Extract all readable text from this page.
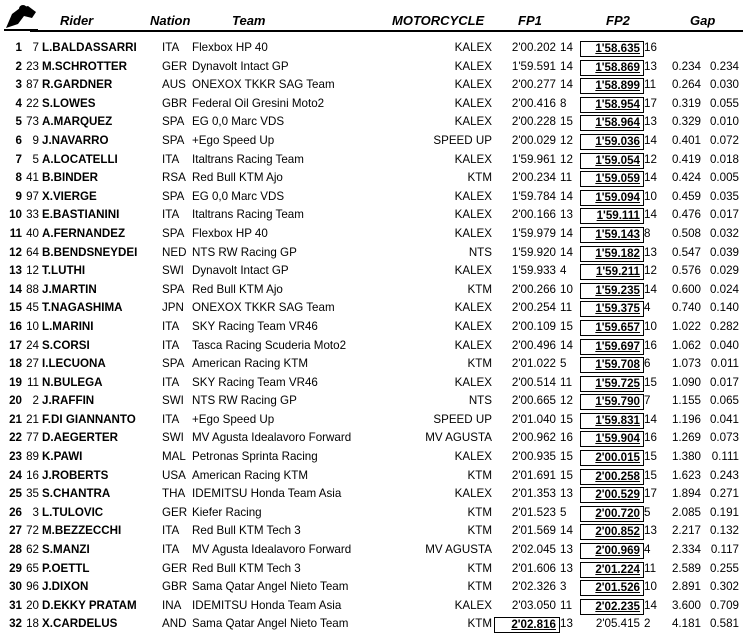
Rider	Nation	Team	MOTORCYCLE	FP1	FP2	Gap
1 7 L.BALDASSARRI ITA Flexbox HP 40	KALEX	2'00.202 14	1'58.635 16
2 23 M.SCHROTTER	GER Dynavolt Intact GP	KALEX	1'59.591 14	1'58.869 13	0.234 0.234
3 87 R.GARDNER	AUS ONEXOX TKKR SAG Team	KALEX	2'00.277 14	1'58.899 11	0.264 0.030
4 22 S.LOWES	GBR Federal Oil Gresini Moto2	KALEX	2'00.416 8	1'58.954 17	0.319 0.055
5 73 A.MARQUEZ	SPA EG 0,0 Marc VDS	KALEX	2'00.228 15	1'58.964 13	0.329 0.010
6 9 J.NAVARRO	SPA +Ego Speed Up	SPEED UP	2'00.029 12	1'59.036 14	0.401 0.072
7 5 A.LOCATELLI	ITA Italtrans Racing Team	KALEX	1'59.961 12	1'59.054 12	0.419 0.018
8 41 B.BINDER	RSA Red Bull KTM Ajo	KTM	2'00.234 11	1'59.059 14	0.424 0.005
9 97 X.VIERGE	SPA EG 0,0 Marc VDS	KALEX	1'59.784 14	1'59.094 10	0.459 0.035
10 33 E.BASTIANINI	ITA Italtrans Racing Team	KALEX	2'00.166 13	1'59.111 14	0.476 0.017
11 40 A.FERNANDEZ	SPA Flexbox HP 40	KALEX	1'59.979 14	1'59.143 8	0.508 0.032
12 64 B.BENDSNEYDEI NED NTS RW Racing GP	NTS	1'59.920 14	1'59.182 13	0.547 0.039
13 12 T.LUTHI	SWI Dynavolt Intact GP	KALEX	1'59.933 4	1'59.211 12	0.576 0.029
14 88 J.MARTIN	SPA Red Bull KTM Ajo	KTM	2'00.266 10	1'59.235 14	0.600 0.024
15 45 T.NAGASHIMA	JPN ONEXOX TKKR SAG Team	KALEX	2'00.254 11	1'59.375 4	0.740 0.140
16 10 L.MARINI	ITA SKY Racing Team VR46	KALEX	2'00.109 15	1'59.657 10	1.022 0.282
17 24 S.CORSI	ITA Tasca Racing Scuderia Moto2	KALEX	2'00.496 14	1'59.697 16	1.062 0.040
18 27 I.LECUONA	SPA American Racing KTM	KTM	2'01.022 5	1'59.708 6	1.073 0.011
19 11 N.BULEGA	ITA SKY Racing Team VR46	KALEX	2'00.514 11	1'59.725 15	1.090 0.017
20 2 J.RAFFIN	SWI NTS RW Racing GP	NTS	2'00.665 12	1'59.790 7	1.155 0.065
21 21 F.DI GIANNANTO ITA +Ego Speed Up	SPEED UP	2'01.040 15	1'59.831 14	1.196 0.041
22 77 D.AEGERTER	SWI MV Agusta Idealavoro Forward	MV AGUSTA	2'00.962 16	1'59.904 16	1.269 0.073
23 89 K.PAWI	MAL Petronas Sprinta Racing	KALEX	2'00.935 15	2'00.015 15	1.380 0.111
24 16 J.ROBERTS	USA American Racing KTM	KTM	2'01.691 15	2'00.258 15	1.623 0.243
25 35 S.CHANTRA	THA IDEMITSU Honda Team Asia	KALEX	2'01.353 13	2'00.529 17	1.894 0.271
26 3 L.TULOVIC	GER Kiefer Racing	KTM	2'01.523 5	2'00.720 5	2.085 0.191
27 72 M.BEZZECCHI	ITA Red Bull KTM Tech 3	KTM	2'01.569 14	2'00.852 13	2.217 0.132
28 62 S.MANZI	ITA MV Agusta Idealavoro Forward	MV AGUSTA	2'02.045 13	2'00.969 4	2.334 0.117
29 65 P.OETTL	GER Red Bull KTM Tech 3	KTM	2'01.606 13	2'01.224 11	2.589 0.255
30 96 J.DIXON	GBR Sama Qatar Angel Nieto Team	KTM	2'02.326 3	2'01.526 10	2.891 0.302
31 20 D.EKKY PRATAM INA IDEMITSU Honda Team Asia	KALEX	2'03.050 11	2'02.235 14	3.600 0.709
32 18 X.CARDELUS	AND Sama Qatar Angel Nieto Team	KTM	2'02.816 13	2'05.415 2	4.181 0.581
